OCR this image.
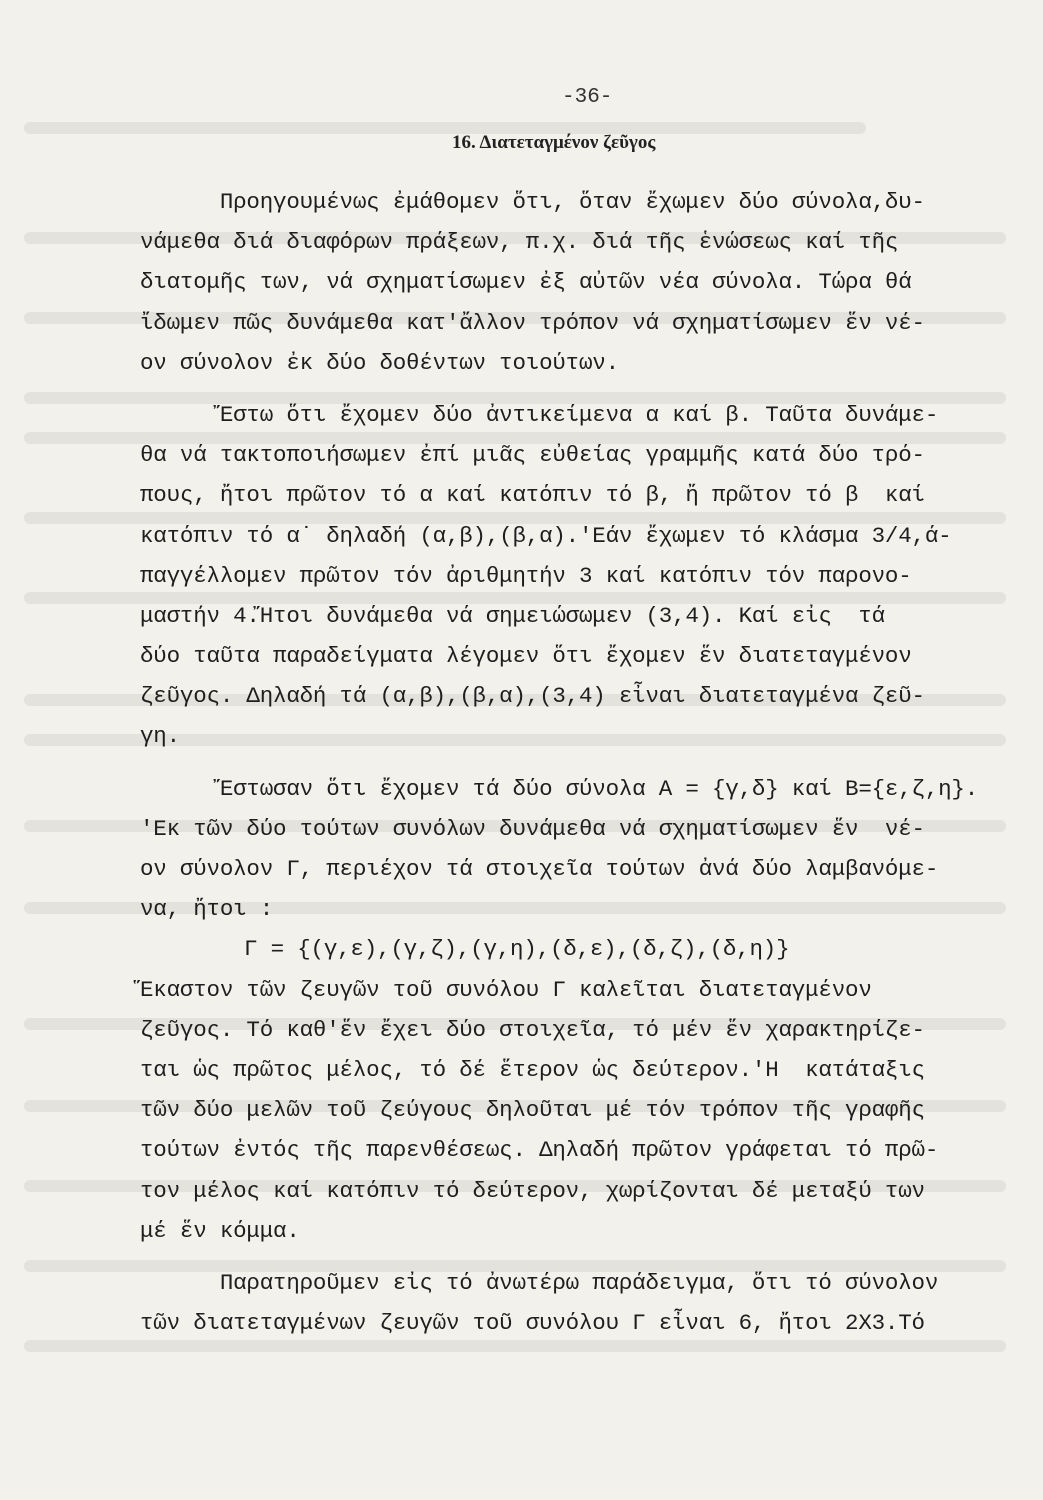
-36-
16. Διατεταγμένον ζεῦγος
Προηγουμένως ἐμάθομεν ὅτι, ὅταν ἔχωμεν δύο σύνολα,δυ-
νάμεθα διά διαφόρων πράξεων, π.χ. διά τῆς ἑνώσεως καί τῆς
διατομῆς των, νά σχηματίσωμεν ἐξ αὐτῶν νέα σύνολα. Τώρα θά
ἴδωμεν πῶς δυνάμεθα κατ'ἄλλον τρόπον νά σχηματίσωμεν ἕν νέ-
ον σύνολον ἐκ δύο δοθέντων τοιούτων.
Ἔστω ὅτι ἔχομεν δύο ἀντικείμενα α καί β. Ταῦτα δυνάμε-
θα νά τακτοποιήσωμεν ἐπί μιᾶς εὐθείας γραμμῆς κατά δύο τρό-
πους, ἤτοι πρῶτον τό α καί κατόπιν τό β, ἤ πρῶτον τό β  καί
κατόπιν τό α˙ δηλαδή (α,β),(β,α).'Εάν ἔχωμεν τό κλάσμα 3/4,ά-
παγγέλλομεν πρῶτον τόν ἀριθμητήν 3 καί κατόπιν τόν παρονο-
μαστήν 4.Ἤτοι δυνάμεθα νά σημειώσωμεν (3,4). Καί εἰς  τά
δύο ταῦτα παραδείγματα λέγομεν ὅτι ἔχομεν ἕν διατεταγμένον
ζεῦγος. Δηλαδή τά (α,β),(β,α),(3,4) εἶναι διατεταγμένα ζεῦ-
γη.
Ἔστωσαν ὅτι ἔχομεν τά δύο σύνολα Α = {γ,δ} καί Β={ε,ζ,η}.
'Εκ τῶν δύο τούτων συνόλων δυνάμεθα νά σχηματίσωμεν ἕν  νέ-
ον σύνολον Γ, περιέχον τά στοιχεῖα τούτων ἀνά δύο λαμβανόμε-
να, ἤτοι :
Γ = {(γ,ε),(γ,ζ),(γ,η),(δ,ε),(δ,ζ),(δ,η)}
Ἕκαστον τῶν ζευγῶν τοῦ συνόλου Γ καλεῖται διατεταγμένον
ζεῦγος. Τό καθ'ἕν ἔχει δύο στοιχεῖα, τό μέν ἕν χαρακτηρίζε-
ται ὡς πρῶτος μέλος, τό δέ ἕτερον ὡς δεύτερον.'Η  κατάταξις
τῶν δύο μελῶν τοῦ ζεύγους δηλοῦται μέ τόν τρόπον τῆς γραφῆς
τούτων ἐντός τῆς παρενθέσεως. Δηλαδή πρῶτον γράφεται τό πρῶ-
τον μέλος καί κατόπιν τό δεύτερον, χωρίζονται δέ μεταξύ των
μέ ἕν κόμμα.
Παρατηροῦμεν εἰς τό ἀνωτέρω παράδειγμα, ὅτι τό σύνολον
τῶν διατεταγμένων ζευγῶν τοῦ συνόλου Γ εἶναι 6, ἤτοι 2Χ3.Τό
